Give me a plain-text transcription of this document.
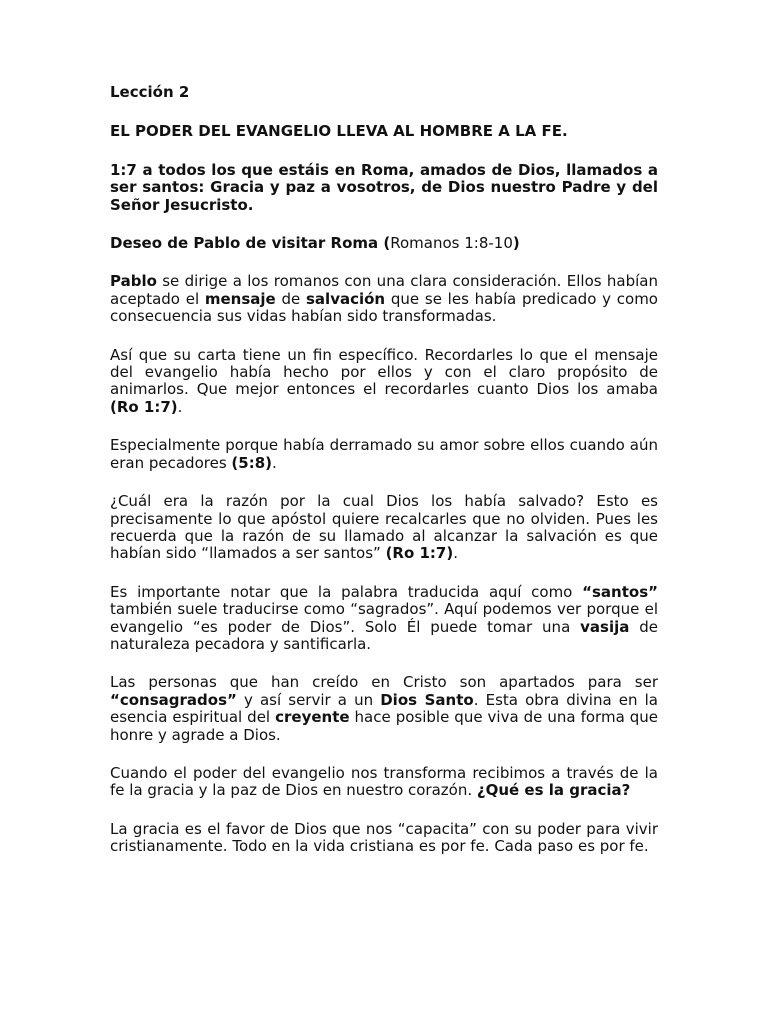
Lección 2

EL PODER DEL EVANGELIO LLEVA AL HOMBRE A LA FE.

1:7 a todos los que estáis en Roma, amados de Dios, llamados a ser santos: Gracia y paz a vosotros, de Dios nuestro Padre y del Señor Jesucristo.

Deseo de Pablo de visitar Roma (Romanos 1:8-10)

Pablo se dirige a los romanos con una clara consideración. Ellos habían aceptado el mensaje de salvación que se les había predicado y como consecuencia sus vidas habían sido transformadas.

Así que su carta tiene un fin específico. Recordarles lo que el mensaje del evangelio había hecho por ellos y con el claro propósito de animarlos. Que mejor entonces el recordarles cuanto Dios los amaba (Ro 1:7).

Especialmente porque había derramado su amor sobre ellos cuando aún eran pecadores (5:8).

¿Cuál era la razón por la cual Dios los había salvado? Esto es precisamente lo que apóstol quiere recalcarles que no olviden. Pues les recuerda que la razón de su llamado al alcanzar la salvación es que habían sido “llamados a ser santos” (Ro 1:7).

Es importante notar que la palabra traducida aquí como “santos” también suele traducirse como “sagrados”. Aquí podemos ver porque el evangelio “es poder de Dios”. Solo Él puede tomar una vasija de naturaleza pecadora y santificarla.

Las personas que han creído en Cristo son apartados para ser “consagrados” y así servir a un Dios Santo. Esta obra divina en la esencia espiritual del creyente hace posible que viva de una forma que honre y agrade a Dios.

Cuando el poder del evangelio nos transforma recibimos a través de la fe la gracia y la paz de Dios en nuestro corazón. ¿Qué es la gracia?

La gracia es el favor de Dios que nos “capacita” con su poder para vivir cristianamente. Todo en la vida cristiana es por fe. Cada paso es por fe.
